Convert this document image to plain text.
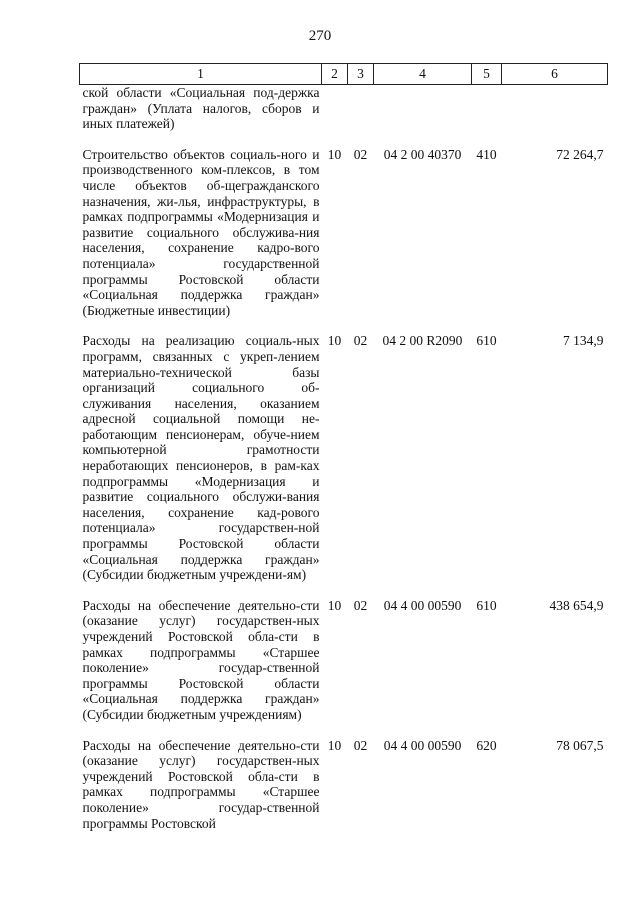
270
1	2	3	4	5	6
ской области «Социальная под-держка граждан» (Уплата налогов, сборов и иных платежей)					

Строительство объектов социаль-ного и производственного ком-плексов, в том числе объектов об-щегражданского назначения, жи-лья, инфраструктуры, в рамках подпрограммы «Модернизация и развитие социального обслужива-ния населения, сохранение кадро-вого потенциала» государственной программы Ростовской области «Социальная поддержка граждан» (Бюджетные инвестиции)	10	02	04 2 00 40370	410	72 264,7

Расходы на реализацию социаль-ных программ, связанных с укреп-лением материально-технической базы организаций социального об-служивания населения, оказанием адресной социальной помощи не-работающим пенсионерам, обуче-нием компьютерной грамотности неработающих пенсионеров, в рам-ках подпрограммы «Модернизация и развитие социального обслужи-вания населения, сохранение кад-рового потенциала» государствен-ной программы Ростовской области «Социальная поддержка граждан» (Субсидии бюджетным учреждени-ям)	10	02	04 2 00 R2090	610	7 134,9

Расходы на обеспечение деятельно-сти (оказание услуг) государствен-ных учреждений Ростовской обла-сти в рамках подпрограммы «Старшее поколение» государ-ственной программы Ростовской области «Социальная поддержка граждан» (Субсидии бюджетным учреждениям)	10	02	04 4 00 00590	610	438 654,9

Расходы на обеспечение деятельно-сти (оказание услуг) государствен-ных учреждений Ростовской обла-сти в рамках подпрограммы «Старшее поколение» государ-ственной программы Ростовской	10	02	04 4 00 00590	620	78 067,5
